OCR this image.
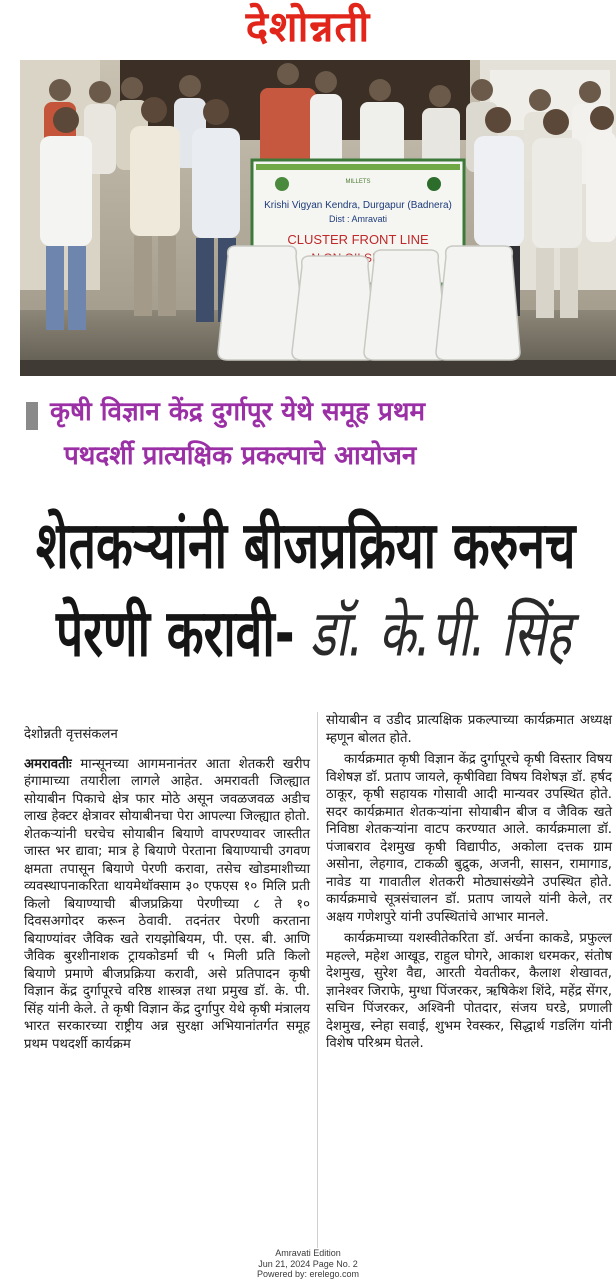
देशोन्नती
MILLETS
Krishi Vigyan Kendra, Durgapur (Badnera)
Dist : Amravati
CLUSTER FRONT LINE
कृषी विज्ञान केंद्र दुर्गापूर येथे समूह प्रथम
पथदर्शी प्रात्यक्षिक प्रकल्पाचे आयोजन
शेतकऱ्यांनी बीजप्रक्रिया करुनच
पेरणी करावी- डॉ. के.पी. सिंह
देशोन्नती वृत्तसंकलन

अमरावतीः मान्सूनच्या आगमनानंतर आता शेतकरी खरीप हंगामाच्या तयारीला लागले आहेत. अमरावती जिल्ह्यात सोयाबीन पिकाचे क्षेत्र फार मोठे असून जवळजवळ अडीच लाख हेक्टर क्षेत्रावर सोयाबीनचा पेरा आपल्या जिल्ह्यात होतो. शेतकऱ्यांनी घरचेच सोयाबीन बियाणे वापरण्यावर जास्तीत जास्त भर द्यावा; मात्र हे बियाणे पेरताना बियाण्याची उगवण क्षमता तपासून बियाणे पेरणी करावा, तसेच खोडमाशीच्या व्यवस्थापनाकरिता थायमेथॉक्साम ३० एफएस १० मिलि प्रती किलो बियाण्याची बीजप्रक्रिया पेरणीच्या ८ ते १० दिवसअगोदर करून ठेवावी. तदनंतर पेरणी करताना बियाण्यांवर जैविक खते रायझोबियम, पी. एस. बी. आणि जैविक बुरशीनाशक ट्रायकोडर्मा ची ५ मिली प्रति किलो बियाणे प्रमाणे बीजप्रक्रिया करावी, असे प्रतिपादन कृषी विज्ञान केंद्र दुर्गापूरचे वरिष्ठ शास्त्रज्ञ तथा प्रमुख डॉ. के. पी. सिंह यांनी केले. ते कृषी विज्ञान केंद्र दुर्गापुर येथे कृषी मंत्रालय भारत सरकारच्या राष्ट्रीय अन्न सुरक्षा अभियानांतर्गत समूह प्रथम पथदर्शी कार्यक्रम

सोयाबीन व उडीद प्रात्यक्षिक प्रकल्पाच्या कार्यक्रमात अध्यक्ष म्हणून बोलत होते.

कार्यक्रमात कृषी विज्ञान केंद्र दुर्गापूरचे कृषी विस्तार विषय विशेषज्ञ डॉ. प्रताप जायले, कृषीविद्या विषय विशेषज्ञ डॉ. हर्षद ठाकूर, कृषी सहायक गोसावी आदी मान्यवर उपस्थित होते. सदर कार्यक्रमात शेतकऱ्यांना सोयाबीन बीज व जैविक खते निविष्ठा शेतकऱ्यांना वाटप करण्यात आले. कार्यक्रमाला डॉ. पंजाबराव देशमुख कृषी विद्यापीठ, अकोला दत्तक ग्राम असोना, लेहगाव, टाकळी बुद्रुक, अजनी, सासन, रामागाड, नावेड या गावातील शेतकरी मोठ्यासंख्येने उपस्थित होते. कार्यक्रमाचे सूत्रसंचालन डॉ. प्रताप जायले यांनी केले, तर अक्षय गणेशपुरे यांनी उपस्थितांचे आभार मानले.

कार्यक्रमाच्या यशस्वीतेकरिता डॉ. अर्चना काकडे, प्रफुल्ल महल्ले, महेश आखूड, राहुल घोगरे, आकाश धरमकर, संतोष देशमुख, सुरेश वैद्य, आरती येवतीकर, कैलाश शेखावत, ज्ञानेश्वर जिराफे, मुग्धा पिंजरकर, ऋषिकेश शिंदे, महेंद्र सेंगर, सचिन पिंजरकर, अश्विनी पोतदार, संजय घरडे, प्रणाली देशमुख, स्नेहा सवाई, शुभम रेवस्कर, सिद्धार्थ गडलिंग यांनी विशेष परिश्रम घेतले.

Amravati Edition
Jun 21, 2024 Page No. 2
Powered by: erelego.com
